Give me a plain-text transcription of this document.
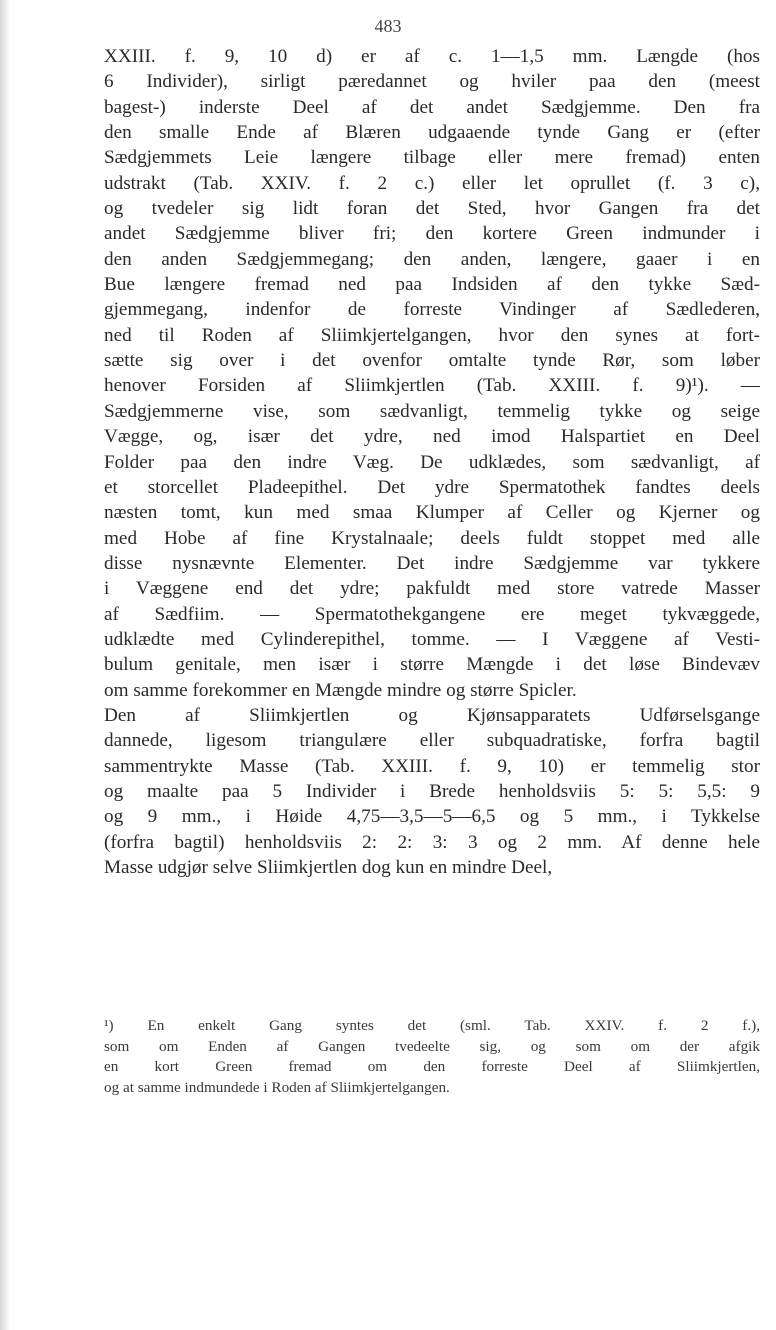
483
XXIII. f. 9, 10 d) er af c. 1—1,5 mm. Længde (hos
6 Individer), sirligt pæredannet og hviler paa den (meest
bagest-) inderste Deel af det andet Sædgjemme. Den fra
den smalle Ende af Blæren udgaaende tynde Gang er (efter
Sædgjemmets Leie længere tilbage eller mere fremad) enten
udstrakt (Tab. XXIV. f. 2 c.) eller let oprullet (f. 3 c),
og tvedeler sig lidt foran det Sted, hvor Gangen fra det
andet Sædgjemme bliver fri; den kortere Green indmunder i
den anden Sædgjemmegang; den anden, længere, gaaer i en
Bue længere fremad ned paa Indsiden af den tykke Sæd-
gjemmegang, indenfor de forreste Vindinger af Sædlederen,
ned til Roden af Sliimkjertelgangen, hvor den synes at fort-
sætte sig over i det ovenfor omtalte tynde Rør, som løber
henover Forsiden af Sliimkjertlen (Tab. XXIII. f. 9)¹). —
Sædgjemmerne vise, som sædvanligt, temmelig tykke og seige
Vægge, og, især det ydre, ned imod Halspartiet en Deel
Folder paa den indre Væg. De udklædes, som sædvanligt, af
et storcellet Pladeepithel. Det ydre Spermatothek fandtes deels
næsten tomt, kun med smaa Klumper af Celler og Kjerner og
med Hobe af fine Krystalnaale; deels fuldt stoppet med alle
disse nysnævnte Elementer. Det indre Sædgjemme var tykkere
i Væggene end det ydre; pakfuldt med store vatrede Masser
af Sædfiim. — Spermatothekgangene ere meget tykvæggede,
udklædte med Cylinderepithel, tomme. — I Væggene af Vesti-
bulum genitale, men især i større Mængde i det løse Bindevæv
om samme forekommer en Mængde mindre og større Spicler.
Den af Sliimkjertlen og Kjønsapparatets Udførselsgange
dannede, ligesom triangulære eller subquadratiske, forfra bagtil
sammentrykte Masse (Tab. XXIII. f. 9, 10) er temmelig stor
og maalte paa 5 Individer i Brede henholdsviis 5: 5: 5,5: 9
og 9 mm., i Høide 4,75—3,5—5—6,5 og 5 mm., i Tykkelse
(forfra bagtil) henholdsviis 2: 2: 3: 3 og 2 mm. Af denne hele
Masse udgjør selve Sliimkjertlen dog kun en mindre Deel,
¹) En enkelt Gang syntes det (sml. Tab. XXIV. f. 2 f.),
som om Enden af Gangen tvedeelte sig, og som om der afgik
en kort Green fremad om den forreste Deel af Sliimkjertlen,
og at samme indmundede i Roden af Sliimkjertelgangen.
